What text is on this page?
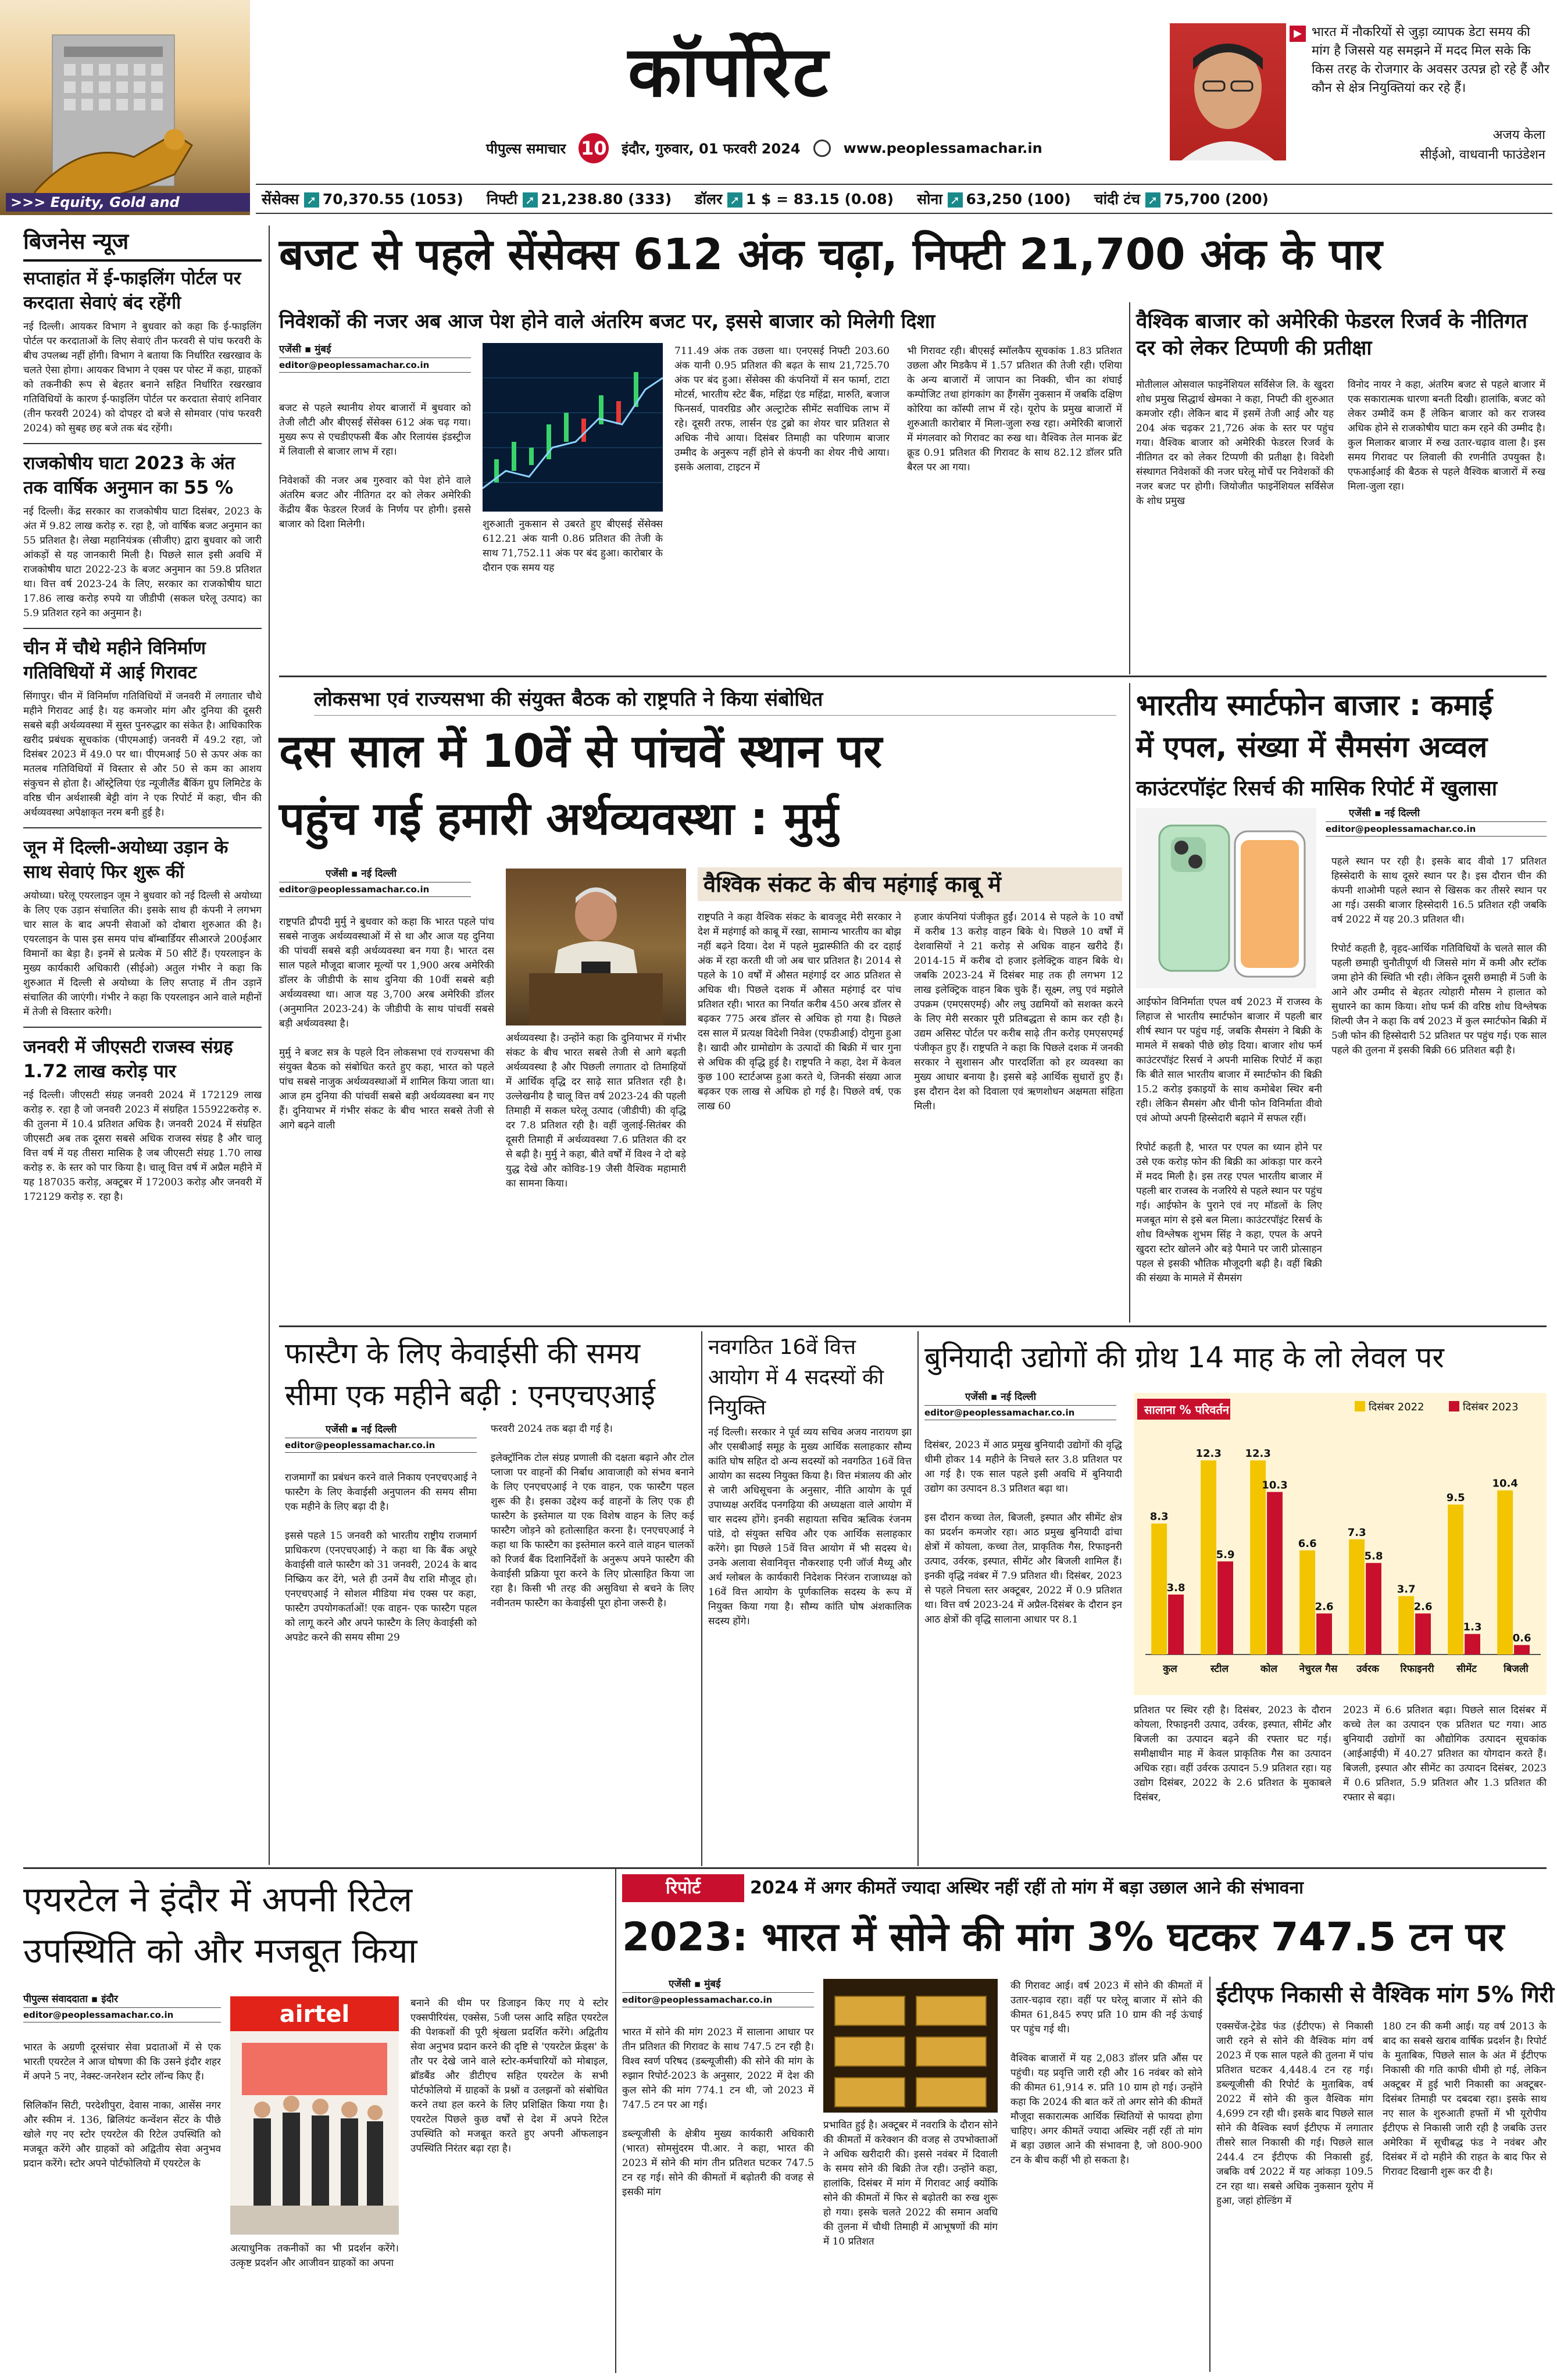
>>> Equity, Gold and
कॉर्पोरेट
पीपुल्स समाचार 10 इंदौर, गुरुवार, 01 फरवरी 2024	www.peoplessamachar.in
▶ भारत में नौकरियों से जुड़ा व्यापक डेटा समय की मांग है जिससे यह समझने में मदद मिल सके कि किस तरह के रोजगार के अवसर उत्पन्न हो रहे हैं और कौन से क्षेत्र नियुक्तियां कर रहे हैं।
अजय केला
सीईओ, वाधवानी फाउंडेशन
सेंसेक्स ➚ 70,370.55 (1053) निफ्टी ➚ 21,238.80 (333) डॉलर ➚ 1 $ = 83.15 (0.08) सोना ➚ 63,250 (100) चांदी टंच ➚ 75,700 (200)
बिजनेस न्यूज
सप्ताहांत में ई-फाइलिंग पोर्टल पर करदाता सेवाएं बंद रहेंगी
नई दिल्ली। आयकर विभाग ने बुधवार को कहा कि ई-फाइलिंग पोर्टल पर करदाताओं के लिए सेवाएं तीन फरवरी से पांच फरवरी के बीच उपलब्ध नहीं होंगी। विभाग ने बताया कि निर्धारित रखरखाव के चलते ऐसा होगा। आयकर विभाग ने एक्स पर पोस्ट में कहा, ग्राहकों को तकनीकी रूप से बेहतर बनाने सहित निर्धारित रखरखाव गतिविधियों के कारण ई-फाइलिंग पोर्टल पर करदाता सेवाएं शनिवार (तीन फरवरी 2024) को दोपहर दो बजे से सोमवार (पांच फरवरी 2024) को सुबह छह बजे तक बंद रहेंगी।
राजकोषीय घाटा 2023 के अंत तक वार्षिक अनुमान का 55 %
नई दिल्ली। केंद्र सरकार का राजकोषीय घाटा दिसंबर, 2023 के अंत में 9.82 लाख करोड़ रु. रहा है, जो वार्षिक बजट अनुमान का 55 प्रतिशत है। लेखा महानियंत्रक (सीजीए) द्वारा बुधवार को जारी आंकड़ों से यह जानकारी मिली है। पिछले साल इसी अवधि में राजकोषीय घाटा 2022-23 के बजट अनुमान का 59.8 प्रतिशत था। वित्त वर्ष 2023-24 के लिए, सरकार का राजकोषीय घाटा 17.86 लाख करोड़ रुपये या जीडीपी (सकल घरेलू उत्पाद) का 5.9 प्रतिशत रहने का अनुमान है।
चीन में चौथे महीने विनिर्माण गतिविधियों में आई गिरावट
सिंगापुर। चीन में विनिर्माण गतिविधियों में जनवरी में लगातार चौथे महीने गिरावट आई है। यह कमजोर मांग और दुनिया की दूसरी सबसे बड़ी अर्थव्यवस्था में सुस्त पुनरुद्धार का संकेत है। आधिकारिक खरीद प्रबंधक सूचकांक (पीएमआई) जनवरी में 49.2 रहा, जो दिसंबर 2023 में 49.0 पर था। पीएमआई 50 से ऊपर अंक का मतलब गतिविधियों में विस्तार से और 50 से कम का आशय संकुचन से होता है। ऑस्ट्रेलिया एंड न्यूजीलैंड बैंकिंग ग्रुप लिमिटेड के वरिष्ठ चीन अर्थशास्त्री बेट्टी वांग ने एक रिपोर्ट में कहा, चीन की अर्थव्यवस्था अपेक्षाकृत नरम बनी हुई है।
जून में दिल्ली-अयोध्या उड़ान के साथ सेवाएं फिर शुरू कीं
अयोध्या। घरेलू एयरलाइन जूम ने बुधवार को नई दिल्ली से अयोध्या के लिए एक उड़ान संचालित की। इसके साथ ही कंपनी ने लगभग चार साल के बाद अपनी सेवाओं को दोबारा शुरुआत की है। एयरलाइन के पास इस समय पांच बॉम्बार्डियर सीआरजे 200ईआर विमानों का बेड़ा है। इनमें से प्रत्येक में 50 सीटें हैं। एयरलाइन के मुख्य कार्यकारी अधिकारी (सीईओ) अतुल गंभीर ने कहा कि शुरुआत में दिल्ली से अयोध्या के लिए सप्ताह में तीन उड़ानें संचालित की जाएंगी। गंभीर ने कहा कि एयरलाइन आने वाले महीनों में तेजी से विस्तार करेगी।
जनवरी में जीएसटी राजस्व संग्रह 1.72 लाख करोड़ पार
नई दिल्ली। जीएसटी संग्रह जनवरी 2024 में 172129 लाख करोड़ रु. रहा है जो जनवरी 2023 में संग्रहित 155922करोड़ रु. की तुलना में 10.4 प्रतिशत अधिक है। जनवरी 2024 में संग्रहित जीएसटी अब तक दूसरा सबसे अधिक राजस्व संग्रह है और चालू वित्त वर्ष में यह तीसरा मासिक है जब जीएसटी संग्रह 1.70 लाख करोड़ रु. के स्तर को पार किया है। चालू वित्त वर्ष में अप्रैल महीने में यह 187035 करोड़, अक्टूबर में 172003 करोड़ और जनवरी में 172129 करोड़ रु. रहा है।
बजट से पहले सेंसेक्स 612 अंक चढ़ा, निफ्टी 21,700 अंक के पार
निवेशकों की नजर अब आज पेश होने वाले अंतरिम बजट पर, इससे बाजार को मिलेगी दिशा
एजेंसी ▪ मुंबई
editor@peoplessamachar.co.in
बजट से पहले स्थानीय शेयर बाजारों में बुधवार को तेजी लौटी और बीएसई सेंसेक्स 612 अंक चढ़ गया। मुख्य रूप से एचडीएफसी बैंक और रिलायंस इंडस्ट्रीज में लिवाली से बाजार लाभ में रहा।

निवेशकों की नजर अब गुरुवार को पेश होने वाले अंतरिम बजट और नीतिगत दर को लेकर अमेरिकी केंद्रीय बैंक फेडरल रिजर्व के निर्णय पर होगी। इससे बाजार को दिशा मिलेगी।	शुरुआती नुकसान से उबरते हुए बीएसई सेंसेक्स 612.21 अंक यानी 0.86 प्रतिशत की तेजी के साथ 71,752.11 अंक पर बंद हुआ। कारोबार के दौरान एक समय यह
711.49 अंक तक उछला था। एनएसई निफ्टी 203.60 अंक यानी 0.95 प्रतिशत की बढ़त के साथ 21,725.70 अंक पर बंद हुआ। सेंसेक्स की कंपनियों में सन फार्मा, टाटा मोटर्स, भारतीय स्टेट बैंक, महिंद्रा एंड महिंद्रा, मारुति, बजाज फिनसर्व, पावरग्रिड और अल्ट्राटेक सीमेंट सर्वाधिक लाभ में रहे। दूसरी तरफ, लार्सन एंड टुब्रो का शेयर चार प्रतिशत से अधिक नीचे आया। दिसंबर तिमाही का परिणाम बाजार उम्मीद के अनुरूप नहीं होने से कंपनी का शेयर नीचे आया। इसके अलावा, टाइटन में
भी गिरावट रही। बीएसई स्मॉलकैप सूचकांक 1.83 प्रतिशत उछला और मिडकैप में 1.57 प्रतिशत की तेजी रही। एशिया के अन्य बाजारों में जापान का निक्की, चीन का शंघाई कम्पोजिट तथा हांगकांग का हैंगसेंग नुकसान में जबकि दक्षिण कोरिया का कॉस्पी लाभ में रहे। यूरोप के प्रमुख बाजारों में शुरुआती कारोबार में मिला-जुला रुख रहा। अमेरिकी बाजारों में मंगलवार को गिरावट का रुख था। वैश्विक तेल मानक ब्रेंट क्रूड 0.91 प्रतिशत की गिरावट के साथ 82.12 डॉलर प्रति बैरल पर आ गया।
वैश्विक बाजार को अमेरिकी फेडरल रिजर्व के नीतिगत दर को लेकर टिप्पणी की प्रतीक्षा
मोतीलाल ओसवाल फाइनेंशियल सर्विसेज लि. के खुदरा शोध प्रमुख सिद्धार्थ खेमका ने कहा, निफ्टी की शुरुआत कमजोर रही। लेकिन बाद में इसमें तेजी आई और यह 204 अंक चढ़कर 21,726 अंक के स्तर पर पहुंच गया। वैश्विक बाजार को अमेरिकी फेडरल रिजर्व के नीतिगत दर को लेकर टिप्पणी की प्रतीक्षा है। विदेशी संस्थागत निवेशकों की नजर घरेलू मोर्चे पर निवेशकों की नजर बजट पर होगी। जियोजीत फाइनेंशियल सर्विसेज के शोध प्रमुख
विनोद नायर ने कहा, अंतरिम बजट से पहले बाजार में एक सकारात्मक धारणा बनती दिखी। हालांकि, बजट को लेकर उम्मीदें कम हैं लेकिन बाजार को कर राजस्व अधिक होने से राजकोषीय घाटा कम रहने की उम्मीद है। कुल मिलाकर बाजार में रुख उतार-चढ़ाव वाला है। इस समय गिरावट पर लिवाली की रणनीति उपयुक्त है। एफआईआई की बैठक से पहले वैश्विक बाजारों में रुख मिला-जुला रहा।
लोकसभा एवं राज्यसभा की संयुक्त बैठक को राष्ट्रपति ने किया संबोधित
दस साल में 10वें से पांचवें स्थान पर
पहुंच गई हमारी अर्थव्यवस्था : मुर्मु
एजेंसी ▪ नई दिल्ली
editor@peoplessamachar.co.in
राष्ट्रपति द्रौपदी मुर्मु ने बुधवार को कहा कि भारत पहले पांच सबसे नाजुक अर्थव्यवस्थाओं में से था और आज यह दुनिया की पांचवीं सबसे बड़ी अर्थव्यवस्था बन गया है। भारत दस साल पहले मौजूदा बाजार मूल्यों पर 1,900 अरब अमेरिकी डॉलर के जीडीपी के साथ दुनिया की 10वीं सबसे बड़ी अर्थव्यवस्था था। आज यह 3,700 अरब अमेरिकी डॉलर (अनुमानित 2023-24) के जीडीपी के साथ पांचवीं सबसे बड़ी अर्थव्यवस्था है।

मुर्मु ने बजट सत्र के पहले दिन लोकसभा एवं राज्यसभा की संयुक्त बैठक को संबोधित करते हुए कहा, भारत को पहले पांच सबसे नाजुक अर्थव्यवस्थाओं में शामिल किया जाता था। आज हम दुनिया की पांचवीं सबसे बड़ी अर्थव्यवस्था बन गए हैं। दुनियाभर में गंभीर संकट के बीच भारत सबसे तेजी से आगे बढ़ने वाली
अर्थव्यवस्था है। उन्होंने कहा कि दुनियाभर में गंभीर संकट के बीच भारत सबसे तेजी से आगे बढ़ती अर्थव्यवस्था है और पिछली लगातार दो तिमाहियों में आर्थिक वृद्धि दर साढ़े सात प्रतिशत रही है। उल्लेखनीय है चालू वित्त वर्ष 2023-24 की पहली तिमाही में सकल घरेलू उत्पाद (जीडीपी) की वृद्धि दर 7.8 प्रतिशत रही है। वहीं जुलाई-सितंबर की दूसरी तिमाही में अर्थव्यवस्था 7.6 प्रतिशत की दर से बढ़ी है। मुर्मु ने कहा, बीते वर्षों में विश्व ने दो बड़े युद्ध देखे और कोविड-19 जैसी वैश्विक महामारी का सामना किया।
वैश्विक संकट के बीच महंगाई काबू में
राष्ट्रपति ने कहा वैश्विक संकट के बावजूद मेरी सरकार ने देश में महंगाई को काबू में रखा, सामान्य भारतीय का बोझ नहीं बढ़ने दिया। देश में पहले मुद्रास्फीति की दर दहाई अंक में रहा करती थी जो अब चार प्रतिशत है। 2014 से पहले के 10 वर्षों में औसत महंगाई दर आठ प्रतिशत से अधिक थी। पिछले दशक में औसत महंगाई दर पांच प्रतिशत रही। भारत का निर्यात करीब 450 अरब डॉलर से बढ़कर 775 अरब डॉलर से अधिक हो गया है। पिछले दस साल में प्रत्यक्ष विदेशी निवेश (एफडीआई) दोगुना हुआ है। खादी और ग्रामोद्योग के उत्पादों की बिक्री में चार गुना से अधिक की वृद्धि हुई है। राष्ट्रपति ने कहा, देश में केवल कुछ 100 स्टार्टअप्स हुआ करते थे, जिनकी संख्या आज बढ़कर एक लाख से अधिक हो गई है। पिछले वर्ष, एक लाख 60
हजार कंपनियां पंजीकृत हुईं। 2014 से पहले के 10 वर्षों में करीब 13 करोड़ वाहन बिके थे। पिछले 10 वर्षों में देशवासियों ने 21 करोड़ से अधिक वाहन खरीदे हैं। 2014-15 में करीब दो हजार इलेक्ट्रिक वाहन बिके थे। जबकि 2023-24 में दिसंबर माह तक ही लगभग 12 लाख इलेक्ट्रिक वाहन बिक चुके हैं। सूक्ष्म, लघु एवं मझोले उपक्रम (एमएसएमई) और लघु उद्यमियों को सशक्त करने के लिए मेरी सरकार पूरी प्रतिबद्धता से काम कर रही है। उद्यम असिस्ट पोर्टल पर करीब साढ़े तीन करोड़ एमएसएमई पंजीकृत हुए हैं। राष्ट्रपति ने कहा कि पिछले दशक में जनकी सरकार ने सुशासन और पारदर्शिता को हर व्यवस्था का मुख्य आधार बनाया है। इससे बड़े आर्थिक सुधारों हुए हैं। इस दौरान देश को दिवाला एवं ऋणशोधन अक्षमता संहिता मिली।
भारतीय स्मार्टफोन बाजार : कमाई
में एपल, संख्या में सैमसंग अव्वल
काउंटरपॉइंट रिसर्च की मासिक रिपोर्ट में खुलासा
एजेंसी ▪ नई दिल्ली
editor@peoplessamachar.co.in
पहले स्थान पर रही है। इसके बाद वीवो 17 प्रतिशत हिस्सेदारी के साथ दूसरे स्थान पर है। इस दौरान चीन की कंपनी शाओमी पहले स्थान से खिसक कर तीसरे स्थान पर आ गई। उसकी बाजार हिस्सेदारी 16.5 प्रतिशत रही जबकि वर्ष 2022 में यह 20.3 प्रतिशत थी।

रिपोर्ट कहती है, वृहद-आर्थिक गतिविधियों के चलते साल की पहली छमाही चुनौतीपूर्ण थी जिससे मांग में कमी और स्टॉक जमा होने की स्थिति भी रही। लेकिन दूसरी छमाही में 5जी के आने और उम्मीद से बेहतर त्योहारी मौसम ने हालात को सुधारने का काम किया। शोध फर्म की वरिष्ठ शोध विश्लेषक शिल्पी जैन ने कहा कि वर्ष 2023 में कुल स्मार्टफोन बिक्री में 5जी फोन की हिस्सेदारी 52 प्रतिशत पर पहुंच गई। एक साल पहले की तुलना में इसकी बिक्री 66 प्रतिशत बढ़ी है।
आईफोन विनिर्माता एपल वर्ष 2023 में राजस्व के लिहाज से भारतीय स्मार्टफोन बाजार में पहली बार शीर्ष स्थान पर पहुंच गई, जबकि सैमसंग ने बिक्री के मामले में सबको पीछे छोड़ दिया। बाजार शोध फर्म काउंटरपॉइंट रिसर्च ने अपनी मासिक रिपोर्ट में कहा कि बीते साल भारतीय बाजार में स्मार्टफोन की बिक्री 15.2 करोड़ इकाइयों के साथ कमोबेश स्थिर बनी रही। लेकिन सैमसंग और चीनी फोन विनिर्माता वीवो एवं ओप्पो अपनी हिस्सेदारी बढ़ाने में सफल रहीं।

रिपोर्ट कहती है, भारत पर एपल का ध्यान होने पर उसे एक करोड़ फोन की बिक्री का आंकड़ा पार करने में मदद मिली है। इस तरह एपल भारतीय बाजार में पहली बार राजस्व के नजरिये से पहले स्थान पर पहुंच गई। आईफोन के पुराने एवं नए मॉडलों के लिए मजबूत मांग से इसे बल मिला। काउंटरपॉइंट रिसर्च के शोध विश्लेषक शुभम सिंह ने कहा, एपल के अपने खुदरा स्टोर खोलने और बड़े पैमाने पर जारी प्रोत्साहन पहल से इसकी भौतिक मौजूदगी बढ़ी है। वहीं बिक्री की संख्या के मामले में सैमसंग
फास्टैग के लिए केवाईसी की समय सीमा एक महीने बढ़ी : एनएचएआई
एजेंसी ▪ नई दिल्ली
editor@peoplessamachar.co.in
राजमार्गों का प्रबंधन करने वाले निकाय एनएचएआई ने फास्टैग के लिए केवाईसी अनुपालन की समय सीमा एक महीने के लिए बढ़ा दी है।

इससे पहले 15 जनवरी को भारतीय राष्ट्रीय राजमार्ग प्राधिकरण (एनएचएआई) ने कहा था कि बैंक अधूरे केवाईसी वाले फास्टैग को 31 जनवरी, 2024 के बाद निष्क्रिय कर देंगे, भले ही उनमें वैध राशि मौजूद हो। एनएचएआई ने सोशल मीडिया मंच एक्स पर कहा, फास्टैग उपयोगकर्ताओं! एक वाहन- एक फास्टैग पहल को लागू करने और अपने फास्टैग के लिए केवाईसी को अपडेट करने की समय सीमा 29
फरवरी 2024 तक बढ़ा दी गई है।

इलेक्ट्रॉनिक टोल संग्रह प्रणाली की दक्षता बढ़ाने और टोल प्लाजा पर वाहनों की निर्बाध आवाजाही को संभव बनाने के लिए एनएचएआई ने एक वाहन, एक फास्टैग पहल शुरू की है। इसका उद्देश्य कई वाहनों के लिए एक ही फास्टैग के इस्तेमाल या एक विशेष वाहन के लिए कई फास्टैग जोड़ने को हतोत्साहित करना है। एनएचएआई ने कहा था कि फास्टैग का इस्तेमाल करने वाले वाहन चालकों को रिजर्व बैंक दिशानिर्देशों के अनुरूप अपने फास्टैग की केवाईसी प्रक्रिया पूरा करने के लिए प्रोत्साहित किया जा रहा है। किसी भी तरह की असुविधा से बचने के लिए नवीनतम फास्टैग का केवाईसी पूरा होना जरूरी है।
नवगठित 16वें वित्त आयोग में 4 सदस्यों की नियुक्ति
नई दिल्ली। सरकार ने पूर्व व्यय सचिव अजय नारायण झा और एसबीआई समूह के मुख्य आर्थिक सलाहकार सौम्य कांति घोष सहित दो अन्य सदस्यों को नवगठित 16वें वित्त आयोग का सदस्य नियुक्त किया है। वित्त मंत्रालय की ओर से जारी अधिसूचना के अनुसार, नीति आयोग के पूर्व उपाध्यक्ष अरविंद पनगढ़िया की अध्यक्षता वाले आयोग में चार सदस्य होंगे। इनकी सहायता सचिव ऋत्विक रंजनम पांडे, दो संयुक्त सचिव और एक आर्थिक सलाहकार करेंगे। झा पिछले 15वें वित्त आयोग में भी सदस्य थे। उनके अलावा सेवानिवृत्त नौकरशाह एनी जॉर्ज मैथ्यू और अर्थ ग्लोबल के कार्यकारी निदेशक निरंजन राजाध्यक्ष को 16वें वित्त आयोग के पूर्णकालिक सदस्य के रूप में नियुक्त किया गया है। सौम्य कांति घोष अंशकालिक सदस्य होंगे।
बुनियादी उद्योगों की ग्रोथ 14 माह के लो लेवल पर
एजेंसी ▪ नई दिल्ली
editor@peoplessamachar.co.in
दिसंबर, 2023 में आठ प्रमुख बुनियादी उद्योगों की वृद्धि धीमी होकर 14 महीने के निचले स्तर 3.8 प्रतिशत पर आ गई है। एक साल पहले इसी अवधि में बुनियादी उद्योग का उत्पादन 8.3 प्रतिशत बढ़ा था।

इस दौरान कच्चा तेल, बिजली, इस्पात और सीमेंट क्षेत्र का प्रदर्शन कमजोर रहा। आठ प्रमुख बुनियादी ढांचा क्षेत्रों में कोयला, कच्चा तेल, प्राकृतिक गैस, रिफाइनरी उत्पाद, उर्वरक, इस्पात, सीमेंट और बिजली शामिल हैं। इनकी वृद्धि नवंबर में 7.9 प्रतिशत थी। दिसंबर, 2023 से पहले निचला स्तर अक्टूबर, 2022 में 0.9 प्रतिशत था। वित्त वर्ष 2023-24 में अप्रैल-दिसंबर के दौरान इन आठ क्षेत्रों की वृद्धि सालाना आधार पर 8.1
सालाना % परिवर्तन	दिसंबर 2022	दिसंबर 2023
8.3
3.8
कुल
12.3
5.9
स्टील
12.3
10.3
कोल
6.6
2.6
नेचुरल गैस
7.3
5.8
उर्वरक
3.7
2.6
रिफाइनरी
9.5
1.3
सीमेंट
10.4
0.6
बिजली
प्रतिशत पर स्थिर रही है। दिसंबर, 2023 के दौरान कोयला, रिफाइनरी उत्पाद, उर्वरक, इस्पात, सीमेंट और बिजली का उत्पादन बढ़ने की रफ्तार घट गई। समीक्षाधीन माह में केवल प्राकृतिक गैस का उत्पादन अधिक रहा। वहीं उर्वरक उत्पादन 5.9 प्रतिशत रहा। यह उद्योग दिसंबर, 2022 के 2.6 प्रतिशत के मुकाबले दिसंबर,
2023 में 6.6 प्रतिशत बढ़ा। पिछले साल दिसंबर में कच्चे तेल का उत्पादन एक प्रतिशत घट गया। आठ बुनियादी उद्योगों का औद्योगिक उत्पादन सूचकांक (आईआईपी) में 40.27 प्रतिशत का योगदान करते हैं। बिजली, इस्पात और सीमेंट का उत्पादन दिसंबर, 2023 में 0.6 प्रतिशत, 5.9 प्रतिशत और 1.3 प्रतिशत की रफ्तार से बढ़ा।
एयरटेल ने इंदौर में अपनी रिटेल
उपस्थिति को और मजबूत किया
पीपुल्स संवाददाता ▪ इंदौर
editor@peoplessamachar.co.in
भारत के अग्रणी दूरसंचार सेवा प्रदाताओं में से एक भारती एयरटेल ने आज घोषणा की कि उसने इंदौर शहर में अपने 5 नए, नेक्स्ट-जनरेशन स्टोर लॉन्च किए हैं।

सिलिकॉन सिटी, परदेशीपुरा, देवास नाका, आसेंस नगर और स्कीम नं. 136, ब्रिलियंट कन्वेंशन सेंटर के पीछे खोले गए नए स्टोर एयरटेल की रिटेल उपस्थिति को मजबूत करेंगे और ग्राहकों को अद्वितीय सेवा अनुभव प्रदान करेंगे। स्टोर अपने पोर्टफोलियो में एयरटेल के
airtel
अत्याधुनिक तकनीकों का भी प्रदर्शन करेंगे। उत्कृष्ट प्रदर्शन और आजीवन ग्राहकों का अपना
बनाने की थीम पर डिजाइन किए गए ये स्टोर एक्सपीरियंस, एक्सेस, 5जी प्लस आदि सहित एयरटेल की पेशकशों की पूरी श्रृंखला प्रदर्शित करेंगे। अद्वितीय सेवा अनुभव प्रदान करने की दृष्टि से 'एयरटेल फ्रेंड्स' के तौर पर देखे जाने वाले स्टोर-कर्मचारियों को मोबाइल, ब्रॉडबैंड और डीटीएच सहित एयरटेल के सभी पोर्टफोलियो में ग्राहकों के प्रश्नों व उलझनों को संबोधित करने तथा हल करने के लिए प्रशिक्षित किया गया है। एयरटेल पिछले कुछ वर्षों से देश में अपने रिटेल उपस्थिति को मजबूत करते हुए अपनी ऑफलाइन उपस्थिति निरंतर बढ़ा रहा है।
रिपोर्ट	2024 में अगर कीमतें ज्यादा अस्थिर नहीं रहीं तो मांग में बड़ा उछाल आने की संभावना
2023: भारत में सोने की मांग 3% घटकर 747.5 टन पर
एजेंसी ▪ मुंबई
editor@peoplessamachar.co.in
भारत में सोने की मांग 2023 में सालाना आधार पर तीन प्रतिशत की गिरावट के साथ 747.5 टन रही है। विश्व स्वर्ण परिषद (डब्ल्यूजीसी) की सोने की मांग के रुझान रिपोर्ट-2023 के अनुसार, 2022 में देश की कुल सोने की मांग 774.1 टन थी, जो 2023 में 747.5 टन पर आ गई।

डब्ल्यूजीसी के क्षेत्रीय मुख्य कार्यकारी अधिकारी (भारत) सोमसुंदरम पी.आर. ने कहा, भारत की 2023 में सोने की मांग तीन प्रतिशत घटकर 747.5 टन रह गई। सोने की कीमतों में बढ़ोतरी की वजह से इसकी मांग
प्रभावित हुई है। अक्टूबर में नवरात्रि के दौरान सोने की कीमतों में करेक्शन की वजह से उपभोक्ताओं ने अधिक खरीदारी की। इससे नवंबर में दिवाली के समय सोने की बिक्री तेज रही। उन्होंने कहा, हालांकि, दिसंबर में मांग में गिरावट आई क्योंकि सोने की कीमतों में फिर से बढ़ोतरी का रुख शुरू हो गया। इसके चलते 2022 की समान अवधि की तुलना में चौथी तिमाही में आभूषणों की मांग में 10 प्रतिशत
की गिरावट आई। वर्ष 2023 में सोने की कीमतों में उतार-चढ़ाव रहा। वहीं पर घरेलू बाजार में सोने की कीमत 61,845 रुपए प्रति 10 ग्राम की नई ऊंचाई पर पहुंच गई थी।

वैश्विक बाजारों में यह 2,083 डॉलर प्रति औंस पर पहुंची। यह प्रवृत्ति जारी रही और 16 नवंबर को सोने की कीमत 61,914 रु. प्रति 10 ग्राम हो गई। उन्होंने कहा कि 2024 की बात करें तो अगर सोने की कीमतें मौजूदा सकारात्मक आर्थिक स्थितियों से फायदा होगा चाहिए। अगर कीमतें ज्यादा अस्थिर नहीं रहीं तो मांग में बड़ा उछाल आने की संभावना है, जो 800-900 टन के बीच कहीं भी हो सकता है।
ईटीएफ निकासी से वैश्विक मांग 5% गिरी
एक्सचेंज-ट्रेडेड फंड (ईटीएफ) से निकासी जारी रहने से सोने की वैश्विक मांग वर्ष 2023 में एक साल पहले की तुलना में पांच प्रतिशत घटकर 4,448.4 टन रह गई। डब्ल्यूजीसी की रिपोर्ट के मुताबिक, वर्ष 2022 में सोने की कुल वैश्विक मांग 4,699 टन रही थी। इसके बाद पिछले साल सोने की वैश्विक स्वर्ण ईटीएफ में लगातार तीसरे साल निकासी की गई। पिछले साल 244.4 टन ईटीएफ की निकासी हुई, जबकि वर्ष 2022 में यह आंकड़ा 109.5 टन रहा था। सबसे अधिक नुकसान यूरोप में हुआ, जहां होल्डिंग में
180 टन की कमी आई। यह वर्ष 2013 के बाद का सबसे खराब वार्षिक प्रदर्शन है। रिपोर्ट के मुताबिक, पिछले साल के अंत में ईटीएफ निकासी की गति काफी धीमी हो गई, लेकिन अक्टूबर में हुई भारी निकासी का अक्टूबर-दिसंबर तिमाही पर दबदबा रहा। इसके साथ नए साल के शुरुआती हफ्तों में भी यूरोपीय ईटीएफ से निकासी जारी रही है जबकि उत्तर अमेरिका में सूचीबद्ध फंड ने नवंबर और दिसंबर में दो महीने की राहत के बाद फिर से गिरावट दिखानी शुरू कर दी है।
